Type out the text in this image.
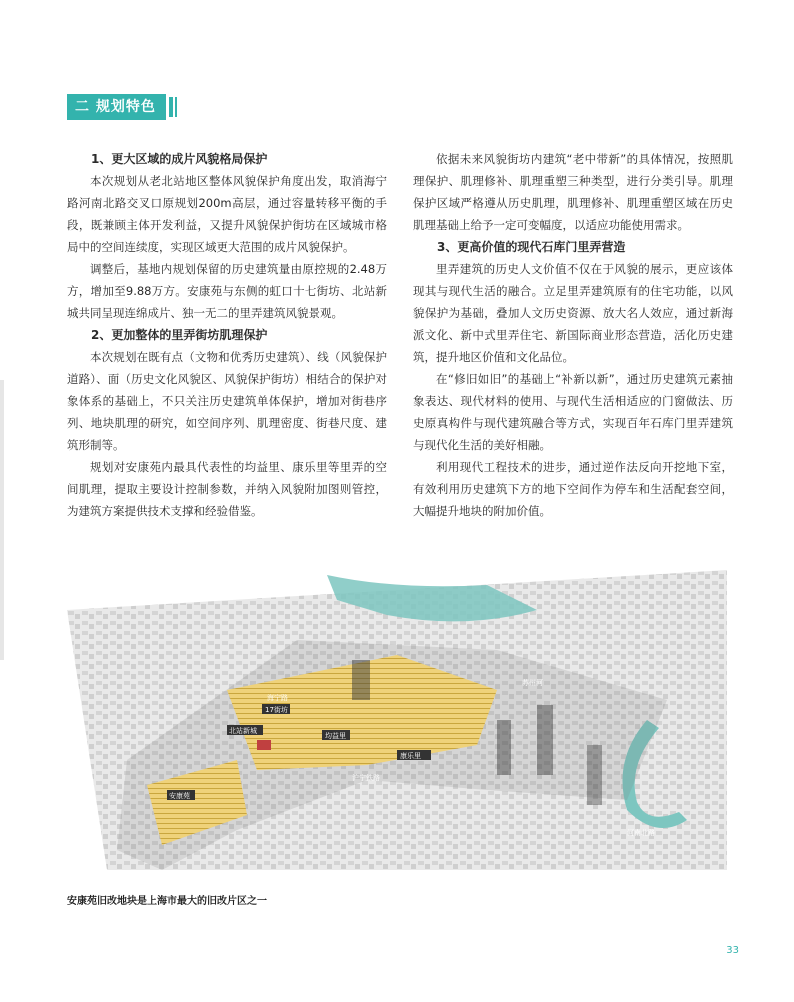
二 规划特色
1、更大区域的成片风貌格局保护

本次规划从老北站地区整体风貌保护角度出发，取消海宁路河南北路交叉口原规划200m高层，通过容量转移平衡的手段，既兼顾主体开发利益，又提升风貌保护街坊在区域城市格局中的空间连续度，实现区域更大范围的成片风貌保护。

调整后，基地内规划保留的历史建筑量由原控规的2.48万方，增加至9.88万方。安康苑与东侧的虹口十七街坊、北站新城共同呈现连绵成片、独一无二的里弄建筑风貌景观。

2、更加整体的里弄街坊肌理保护

本次规划在既有点（文物和优秀历史建筑）、线（风貌保护道路）、面（历史文化风貌区、风貌保护街坊）相结合的保护对象体系的基础上，不只关注历史建筑单体保护，增加对街巷序列、地块肌理的研究，如空间序列、肌理密度、街巷尺度、建筑形制等。

规划对安康苑内最具代表性的均益里、康乐里等里弄的空间肌理，提取主要设计控制参数，并纳入风貌附加图则管控，为建筑方案提供技术支撑和经验借鉴。

依据未来风貌街坊内建筑“老中带新”的具体情况，按照肌理保护、肌理修补、肌理重塑三种类型，进行分类引导。肌理保护区域严格遵从历史肌理，肌理修补、肌理重塑区域在历史肌理基础上给予一定可变幅度，以适应功能使用需求。

3、更高价值的现代石库门里弄营造

里弄建筑的历史人文价值不仅在于风貌的展示，更应该体现其与现代生活的融合。立足里弄建筑原有的住宅功能，以风貌保护为基础，叠加人文历史资源、放大名人效应，通过新海派文化、新中式里弄住宅、新国际商业形态营造，活化历史建筑，提升地区价值和文化品位。

在“修旧如旧”的基础上“补新以新”，通过历史建筑元素抽象表达、现代材料的使用、与现代生活相适应的门窗做法、历史原真构件与现代建筑融合等方式，实现百年石库门里弄建筑与现代化生活的美好相融。

利用现代工程技术的进步，通过逆作法反向开挖地下室，有效利用历史建筑下方的地下空间作为停车和生活配套空间，大幅提升地块的附加价值。

17街坊
北站新城
均益里
康乐里
安康苑
海宁路
沪宁铁路
苏州河
河南北路
安康苑旧改地块是上海市最大的旧改片区之一
33
